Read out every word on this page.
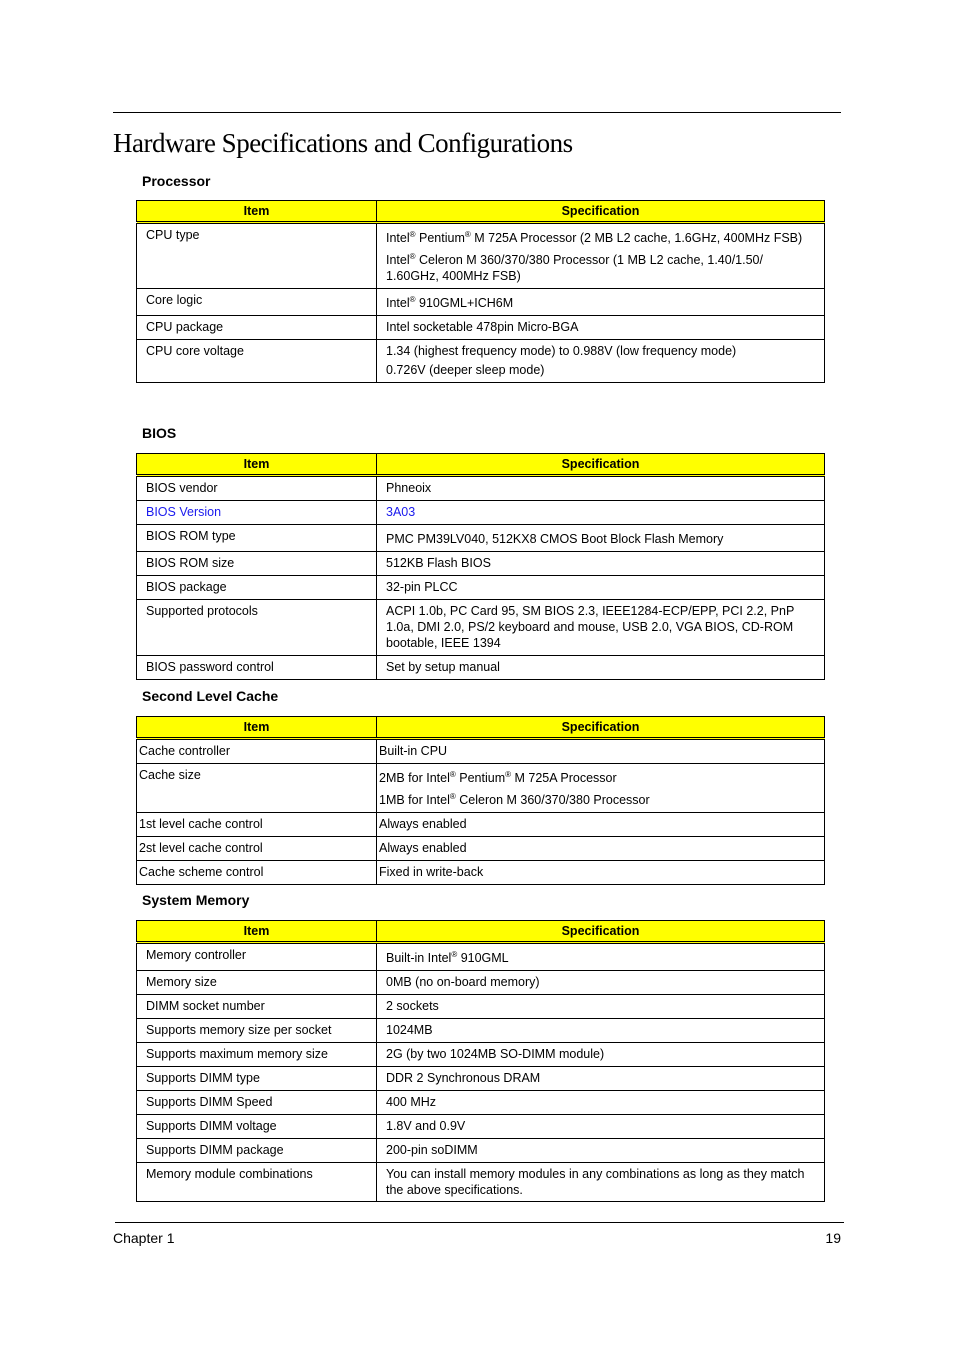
Hardware Specifications and Configurations
Processor
Item	Specification
CPU type	Intel® Pentium® M 725A Processor (2 MB L2 cache, 1.6GHz, 400MHz FSB)

Intel® Celeron M 360/370/380 Processor (1 MB L2 cache, 1.40/1.50/ 1.60GHz, 400MHz FSB)

Core logic	Intel® 910GML+ICH6M

CPU package	Intel socketable 478pin Micro-BGA
CPU core voltage	1.34 (highest frequency mode) to 0.988V (low frequency mode)

0.726V (deeper sleep mode)

BIOS
Item	Specification
BIOS vendor	Phneoix
BIOS Version	3A03
BIOS ROM type	PMC PM39LV040, 512KX8 CMOS Boot Block Flash Memory
BIOS ROM size	512KB Flash BIOS
BIOS package	32-pin PLCC
Supported protocols	ACPI 1.0b, PC Card 95, SM BIOS 2.3, IEEE1284-ECP/EPP, PCI 2.2, PnP 1.0a, DMI 2.0, PS/2 keyboard and mouse, USB 2.0, VGA BIOS, CD-ROM bootable, IEEE 1394
BIOS password control	Set by setup manual
Second Level Cache
Item	Specification
Cache controller	Built-in CPU
Cache size	2MB for Intel® Pentium® M 725A Processor

1MB for Intel® Celeron M 360/370/380 Processor

1st level cache control	Always enabled
2st level cache control	Always enabled
Cache scheme control	Fixed in write-back
System Memory
Item	Specification
Memory controller	Built-in Intel® 910GML

Memory size	0MB (no on-board memory)
DIMM socket number	2 sockets
Supports memory size per socket	1024MB
Supports maximum memory size	2G (by two 1024MB SO-DIMM module)
Supports DIMM type	DDR 2 Synchronous DRAM
Supports DIMM Speed	400 MHz
Supports DIMM voltage	1.8V and 0.9V
Supports DIMM package	200-pin soDIMM
Memory module combinations	You can install memory modules in any combinations as long as they match the above specifications.
Chapter 1	19
